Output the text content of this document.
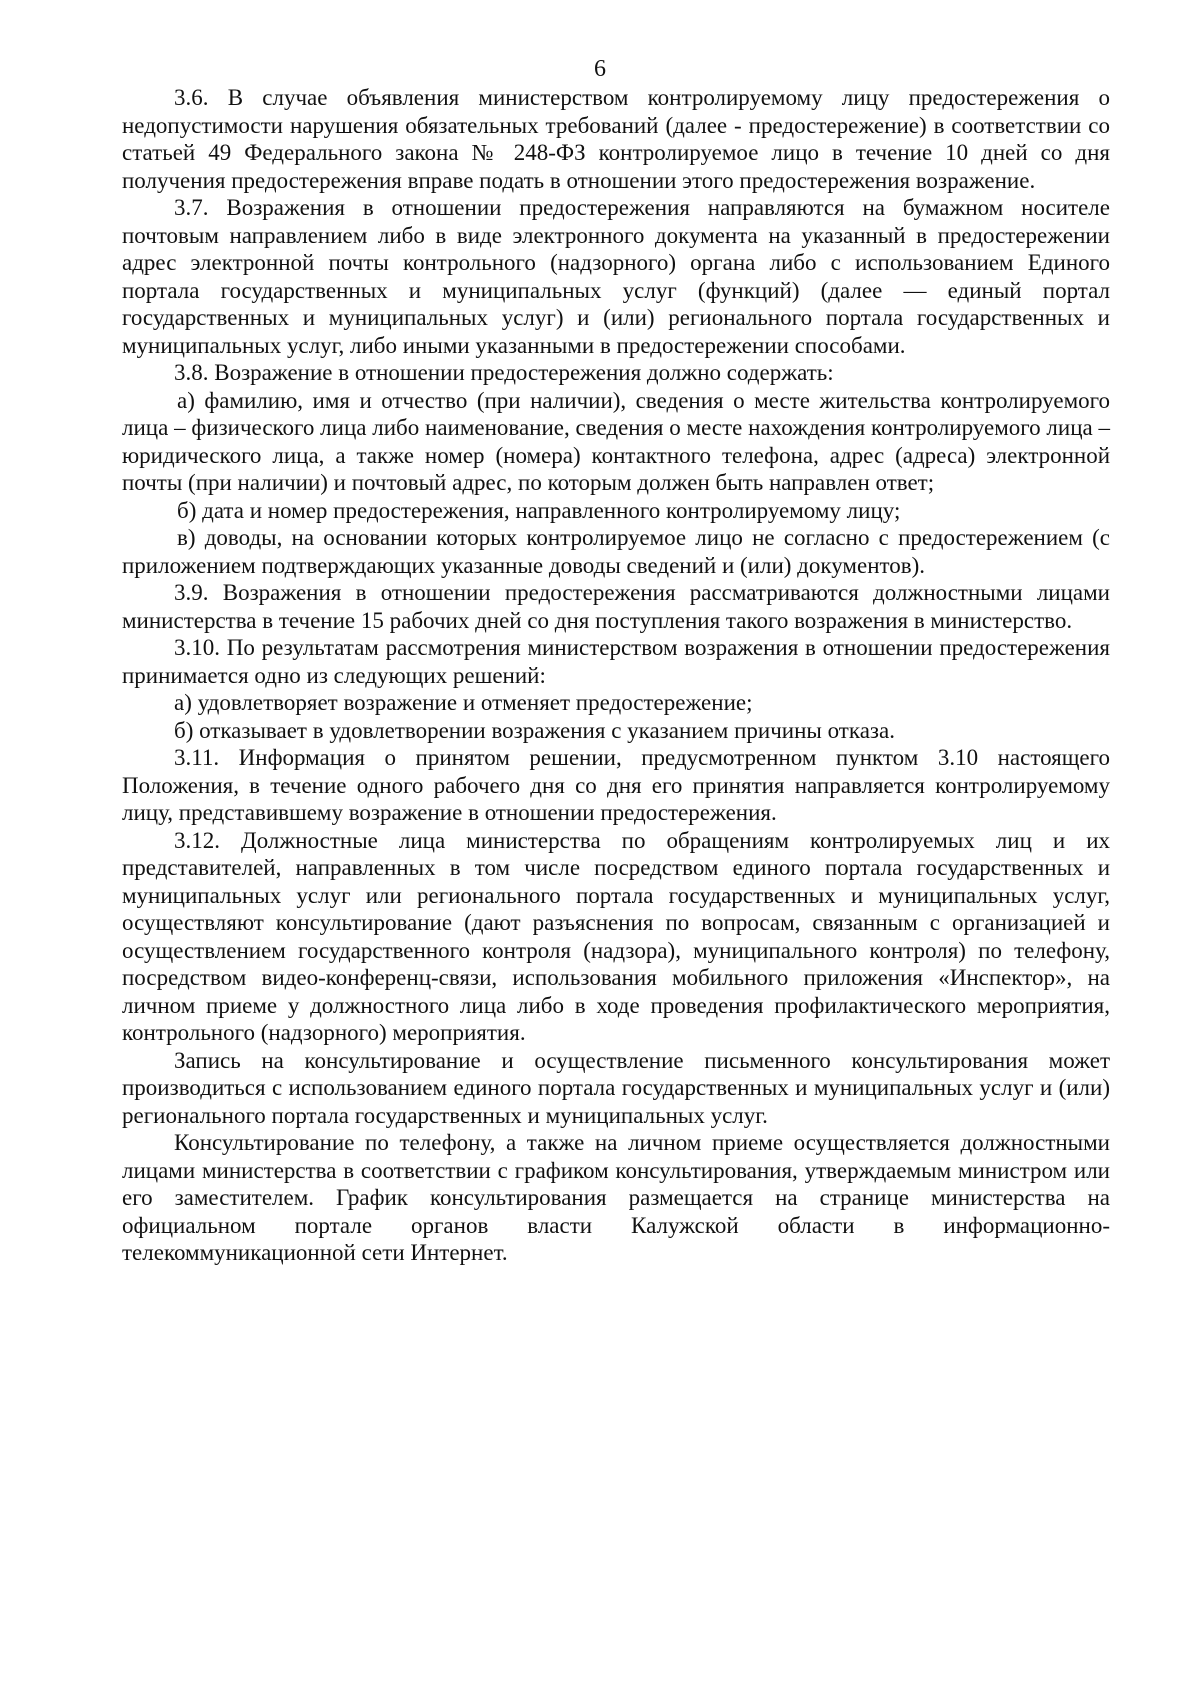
6

3.6. В случае объявления министерством контролируемому лицу предостережения о недопустимости нарушения обязательных требований (далее - предостережение) в соответствии со статьей 49 Федерального закона № 248-ФЗ контролируемое лицо в течение 10 дней со дня получения предостережения вправе подать в отношении этого предостережения возражение.

3.7. Возражения в отношении предостережения направляются на бумажном носителе почтовым направлением либо в виде электронного документа на указанный в предостережении адрес электронной почты контрольного (надзорного) органа либо с использованием Единого портала государственных и муниципальных услуг (функций) (далее — единый портал государственных и муниципальных услуг) и (или) регионального портала государственных и муниципальных услуг, либо иными указанными в предостережении способами.

3.8. Возражение в отношении предостережения должно содержать:

а) фамилию, имя и отчество (при наличии), сведения о месте жительства контролируемого лица – физического лица либо наименование, сведения о месте нахождения контролируемого лица – юридического лица, а также номер (номера) контактного телефона, адрес (адреса) электронной почты (при наличии) и почтовый адрес, по которым должен быть направлен ответ;

б) дата и номер предостережения, направленного контролируемому лицу;

в) доводы, на основании которых контролируемое лицо не согласно с предостережением (с приложением подтверждающих указанные доводы сведений и (или) документов).

3.9. Возражения в отношении предостережения рассматриваются должностными лицами министерства в течение 15 рабочих дней со дня поступления такого возражения в министерство.

3.10. По результатам рассмотрения министерством возражения в отношении предостережения принимается одно из следующих решений:

а) удовлетворяет возражение и отменяет предостережение;

б) отказывает в удовлетворении возражения с указанием причины отказа.

3.11. Информация о принятом решении, предусмотренном пунктом 3.10 настоящего Положения, в течение одного рабочего дня со дня его принятия направляется контролируемому лицу, представившему возражение в отношении предостережения.

3.12. Должностные лица министерства по обращениям контролируемых лиц и их представителей, направленных в том числе посредством единого портала государственных и муниципальных услуг или регионального портала государственных и муниципальных услуг, осуществляют консультирование (дают разъяснения по вопросам, связанным с организацией и осуществлением государственного контроля (надзора), муниципального контроля) по телефону, посредством видео-конференц-связи, использования мобильного приложения «Инспектор», на личном приеме у должностного лица либо в ходе проведения профилактического мероприятия, контрольного (надзорного) мероприятия.

Запись на консультирование и осуществление письменного консультирования может производиться с использованием единого портала государственных и муниципальных услуг и (или) регионального портала государственных и муниципальных услуг.

Консультирование по телефону, а также на личном приеме осуществляется должностными лицами министерства в соответствии с графиком консультирования, утверждаемым министром или его заместителем. График консультирования размещается на странице министерства на официальном портале органов власти Калужской области в информационно-телекоммуникационной сети Интернет.
